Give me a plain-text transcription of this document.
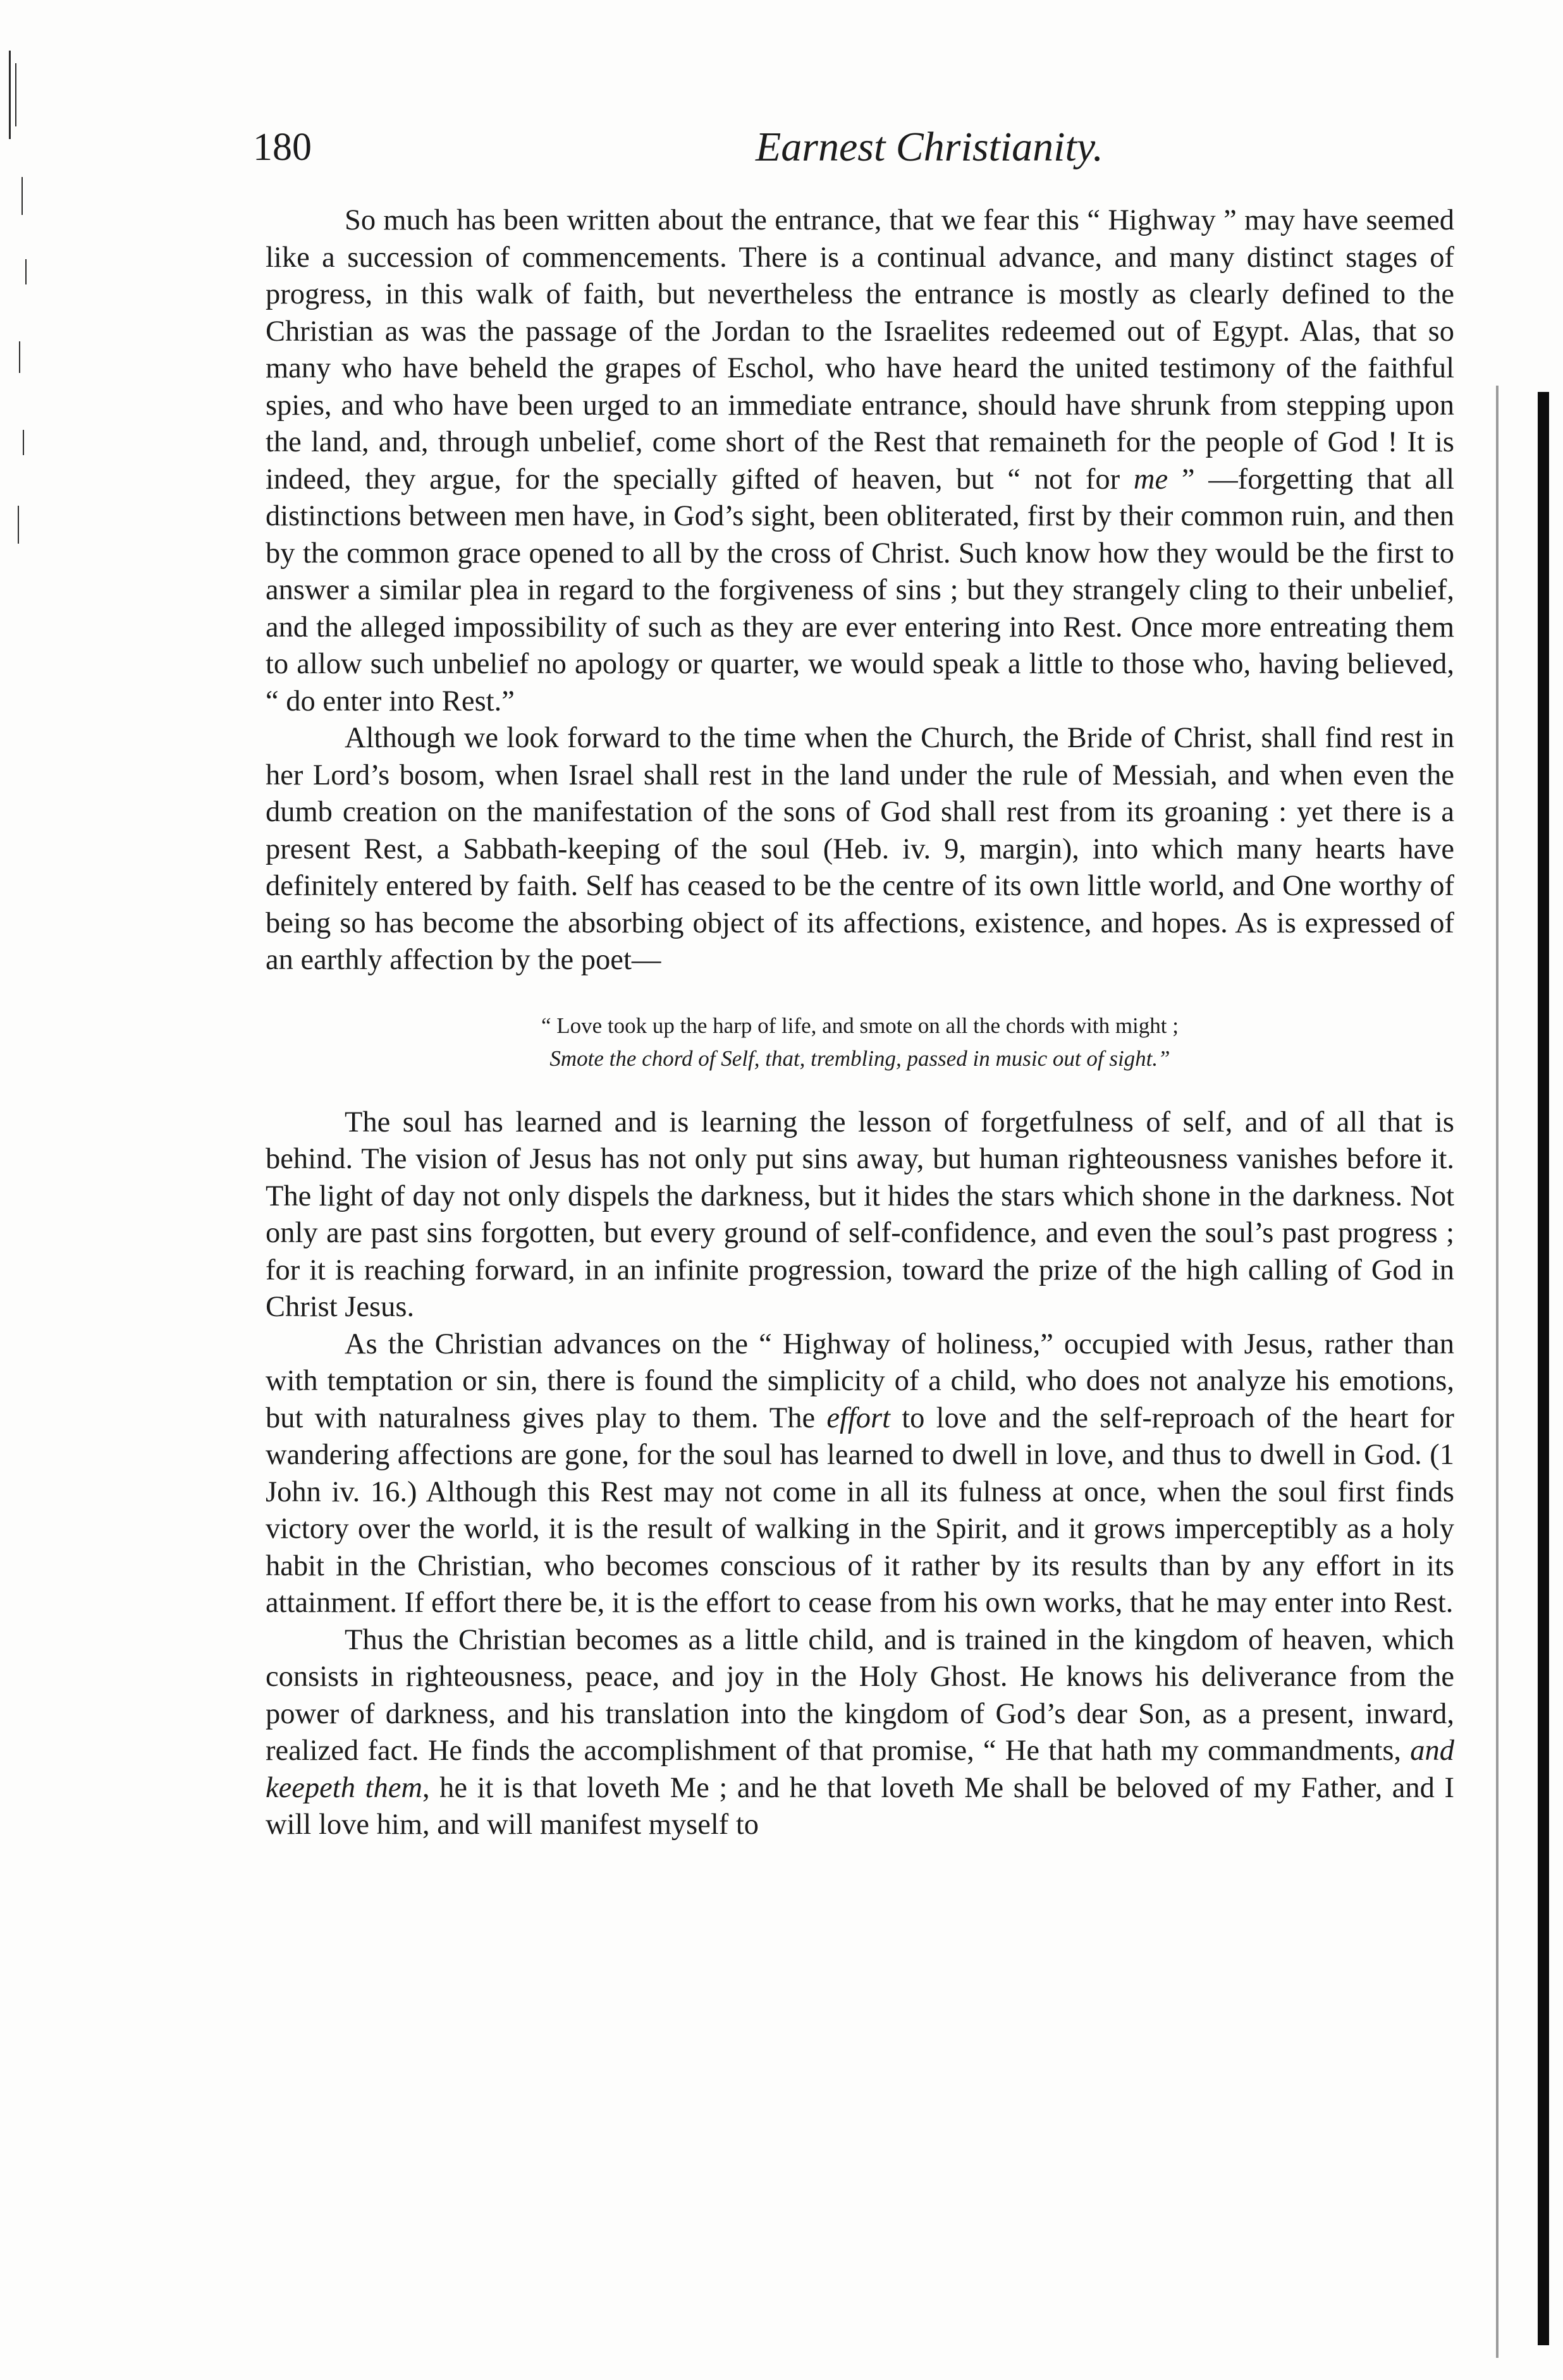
180	Earnest Christianity.

So much has been written about the entrance, that we fear this “ Highway ” may have seemed like a succession of commencements. There is a continual advance, and many distinct stages of progress, in this walk of faith, but nevertheless the entrance is mostly as clearly defined to the Christian as was the passage of the Jordan to the Israelites redeemed out of Egypt. Alas, that so many who have beheld the grapes of Eschol, who have heard the united testimony of the faithful spies, and who have been urged to an immediate entrance, should have shrunk from stepping upon the land, and, through unbelief, come short of the Rest that remaineth for the people of God ! It is indeed, they argue, for the specially gifted of heaven, but “ not for me ” —forgetting that all distinctions between men have, in God’s sight, been obliterated, first by their common ruin, and then by the common grace opened to all by the cross of Christ. Such know how they would be the first to answer a similar plea in regard to the forgiveness of sins ; but they strangely cling to their unbelief, and the alleged impossibility of such as they are ever entering into Rest. Once more entreating them to allow such unbelief no apology or quarter, we would speak a little to those who, having believed, “ do enter into Rest.”

Although we look forward to the time when the Church, the Bride of Christ, shall find rest in her Lord’s bosom, when Israel shall rest in the land under the rule of Messiah, and when even the dumb creation on the manifestation of the sons of God shall rest from its groaning : yet there is a present Rest, a Sabbath-keeping of the soul (Heb. iv. 9, margin), into which many hearts have definitely entered by faith. Self has ceased to be the centre of its own little world, and One worthy of being so has become the absorbing object of its affections, existence, and hopes. As is expressed of an earthly affection by the poet—

“ Love took up the harp of life, and smote on all the chords with might ;
Smote the chord of Self, that, trembling, passed in music out of sight.”

The soul has learned and is learning the lesson of forgetfulness of self, and of all that is behind. The vision of Jesus has not only put sins away, but human righteousness vanishes before it. The light of day not only dispels the darkness, but it hides the stars which shone in the darkness. Not only are past sins forgotten, but every ground of self-confidence, and even the soul’s past progress ; for it is reaching forward, in an infinite progression, toward the prize of the high calling of God in Christ Jesus.

As the Christian advances on the “ Highway of holiness,” occupied with Jesus, rather than with temptation or sin, there is found the simplicity of a child, who does not analyze his emotions, but with naturalness gives play to them. The effort to love and the self-reproach of the heart for wandering affections are gone, for the soul has learned to dwell in love, and thus to dwell in God. (1 John iv. 16.) Although this Rest may not come in all its fulness at once, when the soul first finds victory over the world, it is the result of walking in the Spirit, and it grows imperceptibly as a holy habit in the Christian, who becomes conscious of it rather by its results than by any effort in its attainment. If effort there be, it is the effort to cease from his own works, that he may enter into Rest.

Thus the Christian becomes as a little child, and is trained in the kingdom of heaven, which consists in righteousness, peace, and joy in the Holy Ghost. He knows his deliverance from the power of darkness, and his translation into the kingdom of God’s dear Son, as a present, inward, realized fact. He finds the accomplishment of that promise, “ He that hath my commandments, and keepeth them, he it is that loveth Me ; and he that loveth Me shall be beloved of my Father, and I will love him, and will manifest myself to
